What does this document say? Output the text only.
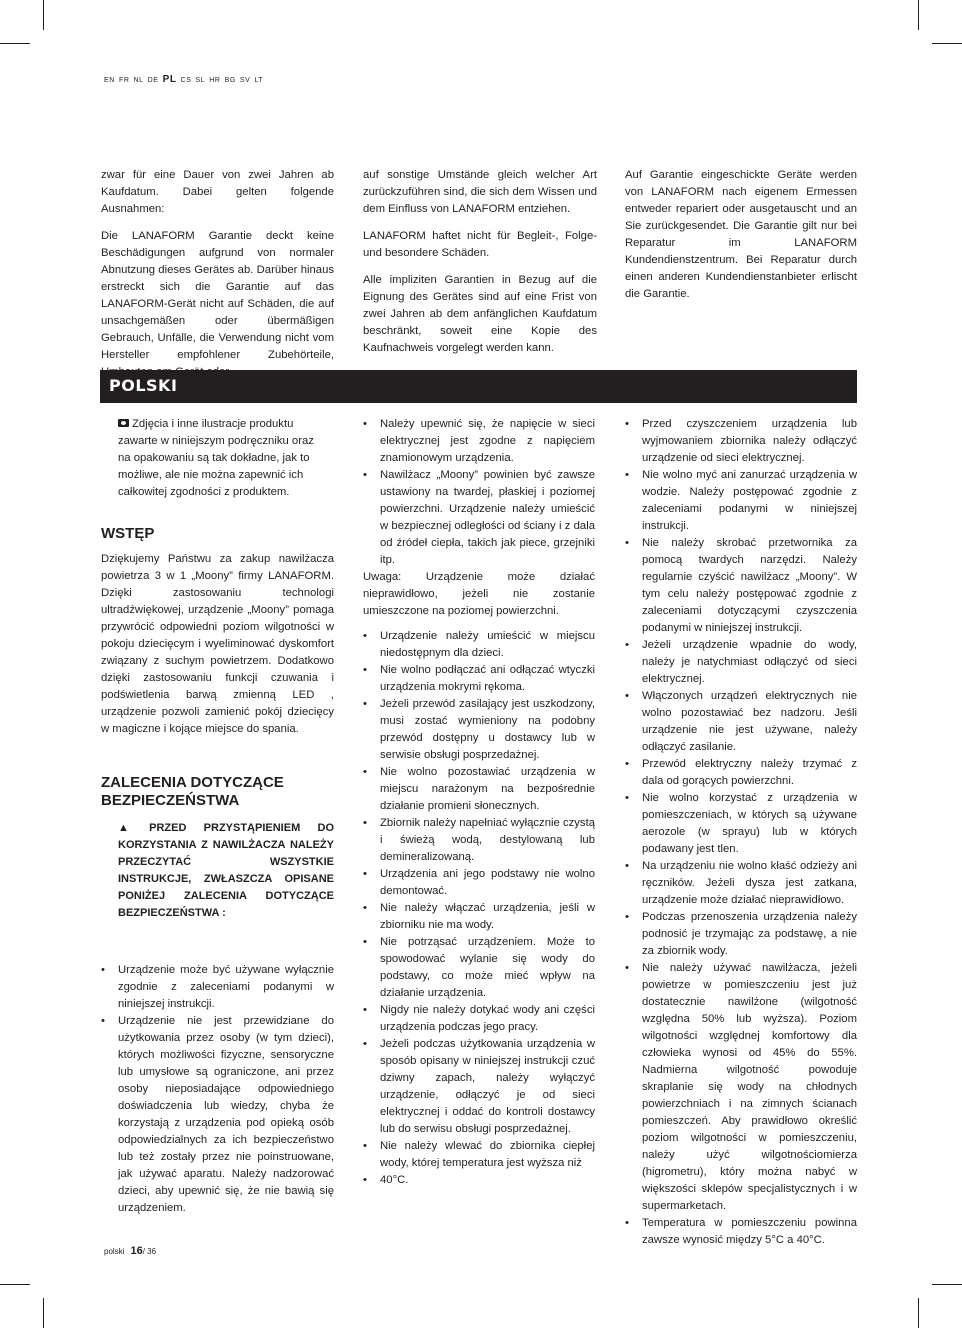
EN FR NL DE PL CS SL HR BG SV LT

zwar für eine Dauer von zwei Jahren ab Kaufdatum. Dabei gelten folgende Ausnahmen:

Die LANAFORM Garantie deckt keine Beschädigungen aufgrund von normaler Abnutzung dieses Gerätes ab. Darüber hinaus erstreckt sich die Garantie auf das LANAFORM-Gerät nicht auf Schäden, die auf unsachgemäßen oder übermäßigen Gebrauch, Unfälle, die Verwendung nicht vom Hersteller empfohlener Zubehörteile,

auf sonstige Umstände gleich welcher Art zurückzuführen sind, die sich dem Wissen und dem Einfluss von LANAFORM entziehen.

LANAFORM haftet nicht für Begleit-, Folge- und besondere Schäden.

Alle impliziten Garantien in Bezug auf die Eignung des Gerätes sind auf eine Frist von zwei Jahren ab dem anfänglichen Kaufdatum beschränkt, soweit eine Kopie des Kaufnachweis vorgelegt werden kann.

Auf Garantie eingeschickte Geräte werden von LANAFORM nach eigenem Ermessen entweder repariert oder ausgetauscht und an Sie zurückgesendet. Die Garantie gilt nur bei Reparatur im LANAFORM Kundendienstzentrum. Bei Reparatur durch einen anderen Kundendienstanbieter erlischt die Garantie.

POLSKI
Zdjęcia i inne ilustracje produktu zawarte w niniejszym podręczniku oraz na opakowaniu są tak dokładne, jak to możliwe, ale nie można zapewnić ich całkowitej zgodności z produktem.
WSTĘP

Dziękujemy Państwu za zakup nawilżacza powietrza 3 w 1 „Moony” firmy LANAFORM. Dzięki zastosowaniu technologi ultradźwiękowej, urządzenie „Moony” pomaga przywrócić odpowiedni poziom wilgotności w pokoju dziecięcym i wyeliminować dyskomfort związany z suchym powietrzem. Dodatkowo dzięki zastosowaniu funkcji czuwania i podświetlenia barwą zmienną LED , urządzenie pozwoli zamienić pokój dziecięcy w magiczne i kojące miejsce do spania.

ZALECENIA DOTYCZĄCE BEZPIECZEŃSTWA
▲ PRZED PRZYSTĄPIENIEM DO KORZYSTANIA Z NAWILŻACZA NALEŻY PRZECZYTAĆ WSZYSTKIE INSTRUKCJE, ZWŁASZCZA OPISANE PONIŻEJ ZALECENIA DOTYCZĄCE BEZPIECZEŃSTWA :
• Urządzenie może być używane wyłącznie zgodnie z zaleceniami podanymi w niniejszej instrukcji.
• Urządzenie nie jest przewidziane do użytkowania przez osoby (w tym dzieci), których możliwości fizyczne, sensoryczne lub umysłowe są ograniczone, ani przez osoby nieposiadające odpowiedniego doświadczenia lub wiedzy, chyba że korzystają z urządzenia pod opieką osób odpowiedzialnych za ich bezpieczeństwo lub też zostały przez nie poinstruowane, jak używać aparatu. Należy nadzorować dzieci, aby upewnić się, że nie bawią się urządzeniem.
• Należy upewnić się, że napięcie w sieci elektrycznej jest zgodne z napięciem znamionowym urządzenia.
• Nawilżacz „Moony” powinien być zawsze ustawiony na twardej, płaskiej i poziomej powierzchni. Urządzenie należy umieścić w bezpiecznej odległości od ściany i z dala od źródeł ciepła, takich jak piece, grzejniki itp.
Uwaga: Urządzenie może działać nieprawidłowo, jeżeli nie zostanie umieszczone na poziomej powierzchni.
• Urządzenie należy umieścić w miejscu niedostępnym dla dzieci.
• Nie wolno podłączać ani odłączać wtyczki urządzenia mokrymi rękoma.
• Jeżeli przewód zasilający jest uszkodzony, musi zostać wymieniony na podobny przewód dostępny u dostawcy lub w serwisie obsługi posprzedażnej.
• Nie wolno pozostawiać urządzenia w miejscu narażonym na bezpośrednie działanie promieni słonecznych.
• Zbiornik należy napełniać wyłącznie czystą i świeżą wodą, destylowaną lub demineralizowaną.
• Urządzenia ani jego podstawy nie wolno demontować.
• Nie należy włączać urządzenia, jeśli w zbiorniku nie ma wody.
• Nie potrząsać urządzeniem. Może to spowodować wylanie się wody do podstawy, co może mieć wpływ na działanie urządzenia.
• Nigdy nie należy dotykać wody ani części urządzenia podczas jego pracy.
• Jeżeli podczas użytkowania urządzenia w sposób opisany w niniejszej instrukcji czuć dziwny zapach, należy wyłączyć urządzenie, odłączyć je od sieci elektrycznej i oddać do kontroli dostawcy lub do serwisu obsługi posprzedażnej.
• Nie należy wlewać do zbiornika ciepłej wody, której temperatura jest wyższa niż
• 40°C.
• Przed czyszczeniem urządzenia lub wyjmowaniem zbiornika należy odłączyć urządzenie od sieci elektrycznej.
• Nie wolno myć ani zanurzać urządzenia w wodzie. Należy postępować zgodnie z zaleceniami podanymi w niniejszej instrukcji.
• Nie należy skrobać przetwornika za pomocą twardych narzędzi. Należy regularnie czyścić nawilżacz „Moony”. W tym celu należy postępować zgodnie z zaleceniami dotyczącymi czyszczenia podanymi w niniejszej instrukcji.
• Jeżeli urządzenie wpadnie do wody, należy je natychmiast odłączyć od sieci elektrycznej.
• Włączonych urządzeń elektrycznych nie wolno pozostawiać bez nadzoru. Jeśli urządzenie nie jest używane, należy odłączyć zasilanie.
• Przewód elektryczny należy trzymać z dala od gorących powierzchni.
• Nie wolno korzystać z urządzenia w pomieszczeniach, w których są używane aerozole (w sprayu) lub w których podawany jest tlen.
• Na urządzeniu nie wolno kłaść odzieży ani ręczników. Jeżeli dysza jest zatkana, urządzenie może działać nieprawidłowo.
• Podczas przenoszenia urządzenia należy podnosić je trzymając za podstawę, a nie za zbiornik wody.
• Nie należy używać nawilżacza, jeżeli powietrze w pomieszczeniu jest już dostatecznie nawilżone (wilgotność względna 50% lub wyższa). Poziom wilgotności względnej komfortowy dla człowieka wynosi od 45% do 55%. Nadmierna wilgotność powoduje skraplanie się wody na chłodnych powierzchniach i na zimnych ścianach pomieszczeń. Aby prawidłowo określić poziom wilgotności w pomieszczeniu, należy użyć wilgotnościomierza (higrometru), który można nabyć w większości sklepów specjalistycznych i w supermarketach.
• Temperatura w pomieszczeniu powinna zawsze wynosić między 5°C a 40°C.
polski 16/ 36
